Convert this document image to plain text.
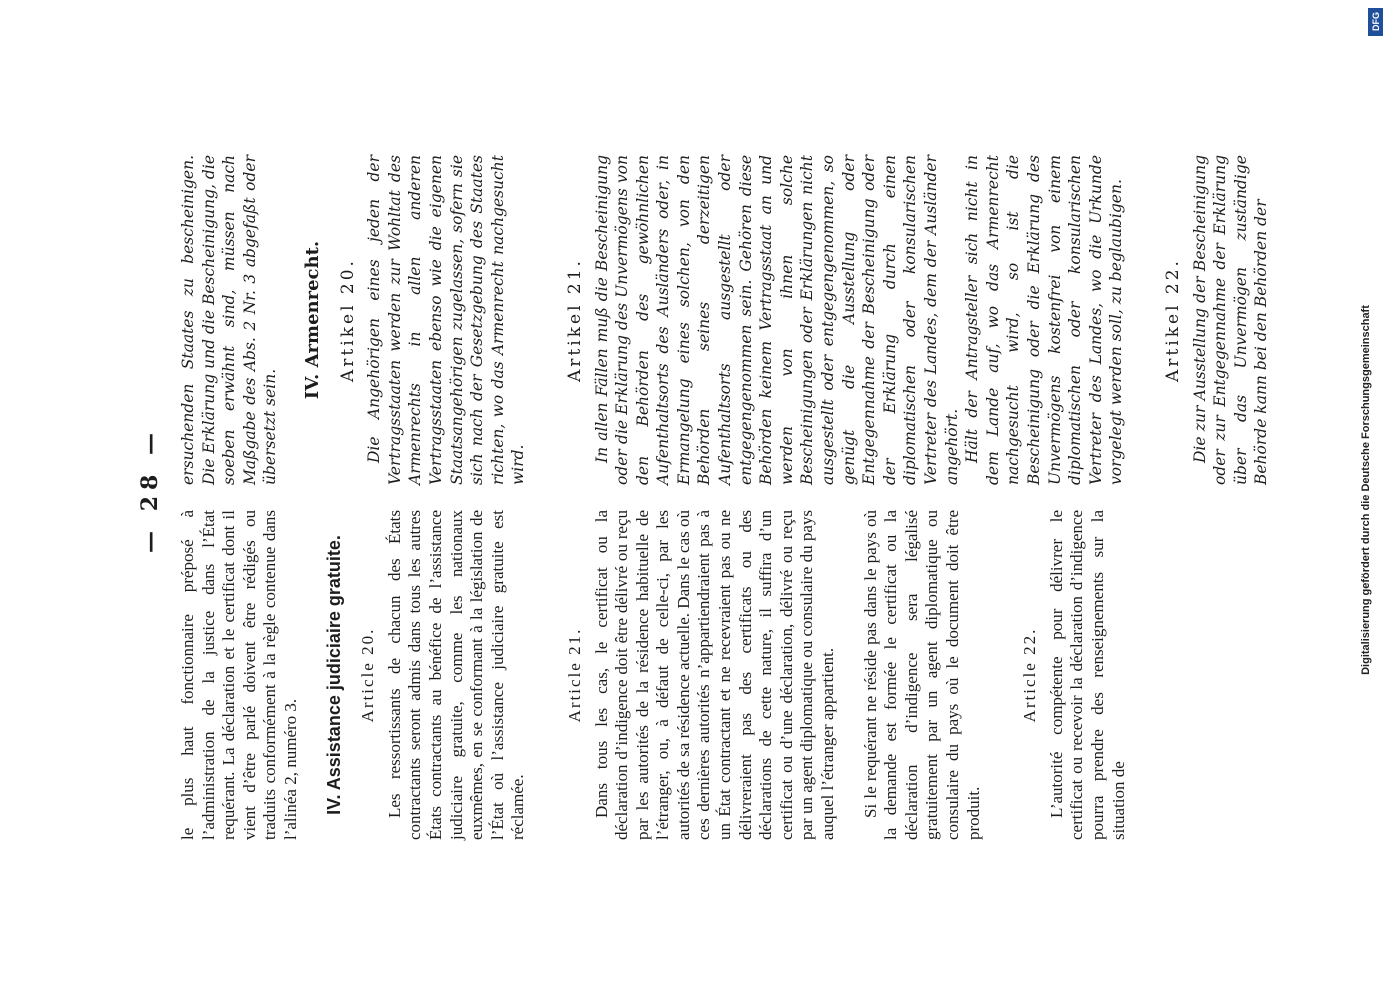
— 28 —

le plus haut fonctionnaire préposé à l’administration de la justice dans l’État requérant. La déclaration et le certificat dont il vient d’être parlé doivent être rédigés ou traduits conformément à la règle contenue dans l’alinéa 2, numéro 3. IV. Assistance judiciaire gratuite. Article 20. Les ressortissants de chacun des États contractants seront admis dans tous les autres États contractants au bénéfice de l’assistance judiciaire gratuite, comme les nationaux euxmêmes, en se conformant à la législation de l’État où l’assistance judiciaire gratuite est réclamée.

Article 21. Dans tous les cas, le certificat ou la déclaration d’indigence doit être délivré ou reçu par les autorités de la résidence habituelle de l’étranger, ou, à défaut de celle-ci, par les autorités de sa résidence actuelle. Dans le cas où ces dernières autorités n’appartiendraient pas à un État contractant et ne recevraient pas ou ne délivreraient pas des certificats ou des déclarations de cette nature, il suffira d’un certificat ou d’une déclaration, délivré ou reçu par un agent diplomatique ou consulaire du pays auquel l’étranger appartient. Si le requérant ne réside pas dans le pays où la demande est formée le certificat ou la déclaration d’indigence sera légalisé gratuitement par un agent diplomatique ou consulaire du pays où le document doit être produit.

Article 22. L’autorité compétente pour délivrer le certificat ou recevoir la déclaration d’indigence pourra prendre des renseignements sur la situation de

ersuchenden Staates zu bescheinigen. Die Erklärung und die Bescheinigung, die soeben erwähnt sind, müssen nach Maßgabe des Abs. 2 Nr. 3 abgefaßt oder übersetzt sein.

IV. Armenrecht. Artikel 20. Die Angehörigen eines jeden der Vertragsstaaten werden zur Wohltat des Armenrechts in allen anderen Vertragsstaaten ebenso wie die eigenen Staatsangehörigen zugelassen, sofern sie sich nach der Gesetzgebung des Staates richten, wo das Armenrecht nachgesucht wird.

Artikel 21. In allen Fällen muß die Bescheinigung oder die Erklärung des Unvermögens von den Behörden des gewöhnlichen Aufenthaltsorts des Ausländers oder, in Ermangelung eines solchen, von den Behörden seines derzeitigen Aufenthaltsorts ausgestellt oder entgegengenommen sein. Gehören diese Behörden keinem Vertragsstaat an und werden von ihnen solche Bescheinigungen oder Erklärungen nicht ausgestellt oder entgegengenommen, so genügt die Ausstellung oder Entgegennahme der Bescheinigung oder der Erklärung durch einen diplomatischen oder konsularischen Vertreter des Landes, dem der Ausländer angehört. Hält der Antragsteller sich nicht in dem Lande auf, wo das Armenrecht nachgesucht wird, so ist die Bescheinigung oder die Erklärung des Unvermögens kostenfrei von einem diplomatischen oder konsularischen Vertreter des Landes, wo die Urkunde vorgelegt werden soll, zu beglaubigen. Artikel 22. Die zur Ausstellung der Bescheinigung oder zur Entgegennahme der Erklärung über das Unvermögen zuständige Behörde kann bei den Behörden der

DFG
Digitalisierung gefördert durch die Deutsche Forschungsgemeinschaft
